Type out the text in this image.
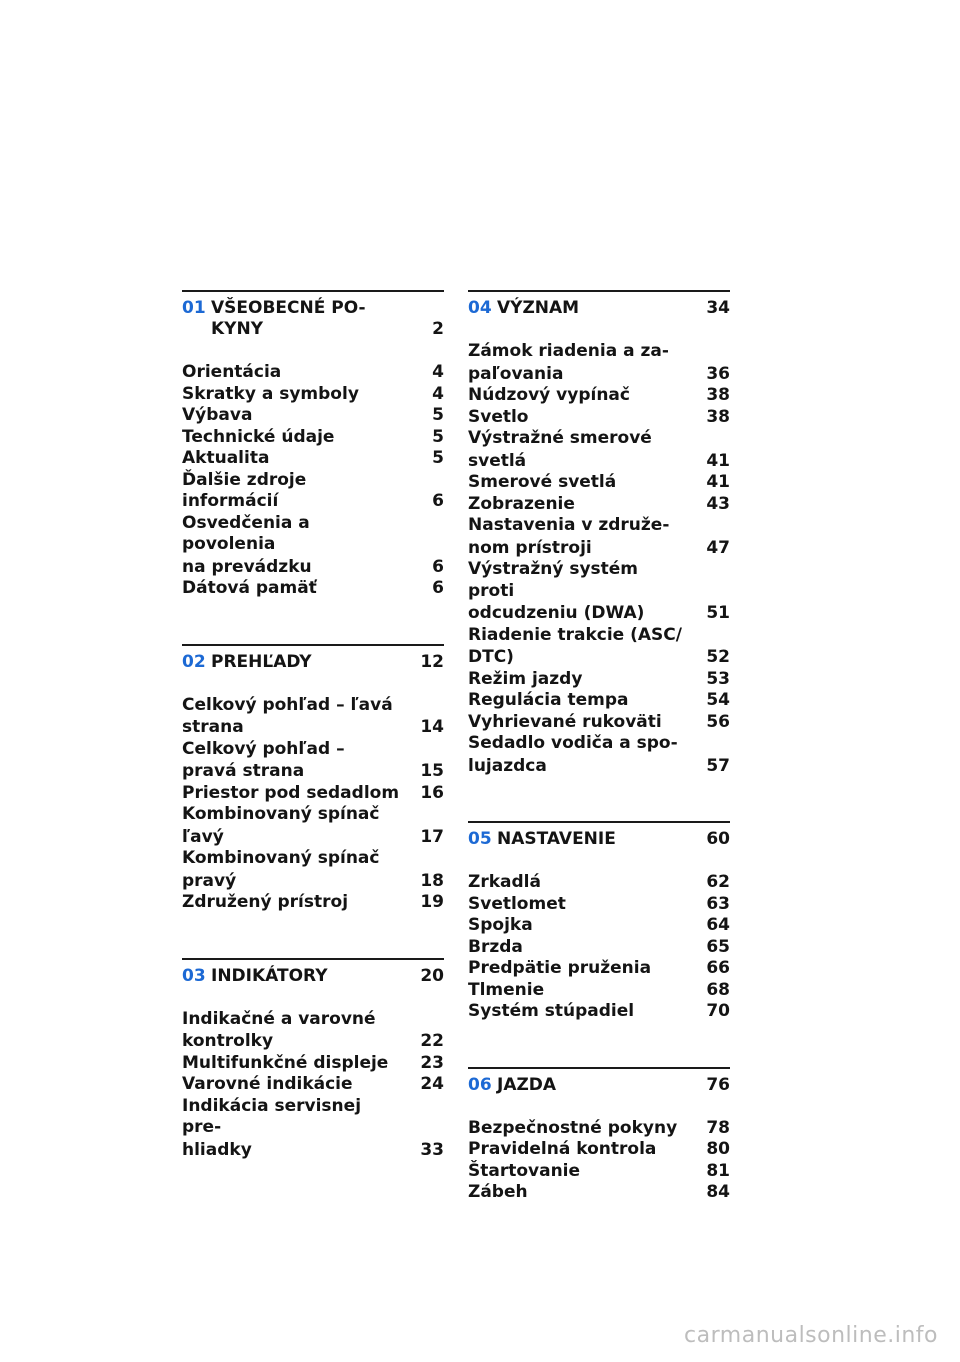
01 VŠEOBECNÉ PO-
KYNY	2
Orientácia	4
Skratky a symboly	4
Výbava	5
Technické údaje	5
Aktualita	5
Ďalšie zdroje informácií	6
Osvedčenia a povolenia
na prevádzku	6
Dátová pamäť	6
02 PREHĽADY	12
Celkový pohľad – ľavá
strana	14
Celkový pohľad –
pravá strana	15
Priestor pod sedadlom 16
Kombinovaný spínač
ľavý	17
Kombinovaný spínač
pravý	18
Združený prístroj	19
03 INDIKÁTORY	20
Indikačné a varovné
kontrolky	22
Multifunkčné displeje 23
Varovné indikácie	24
Indikácia servisnej pre-
hliadky	33
04 VÝZNAM	34
Zámok riadenia a za-
paľovania	36
Núdzový vypínač	38
Svetlo	38
Výstražné smerové
svetlá	41
Smerové svetlá	41
Zobrazenie	43
Nastavenia v združe-
nom prístroji	47
Výstražný systém proti
odcudzeniu (DWA)	51
Riadenie trakcie (ASC/
DTC)	52
Režim jazdy	53
Regulácia tempa	54
Vyhrievané rukoväti	56
Sedadlo vodiča a spo-
lujazdca	57
05 NASTAVENIE	60
Zrkadlá	62
Svetlomet	63
Spojka	64
Brzda	65
Predpätie pruženia	66
Tlmenie	68
Systém stúpadiel	70
06 JAZDA	76
Bezpečnostné pokyny 78
Pravidelná kontrola	80
Štartovanie	81
Zábeh	84
carmanualsonline.info
